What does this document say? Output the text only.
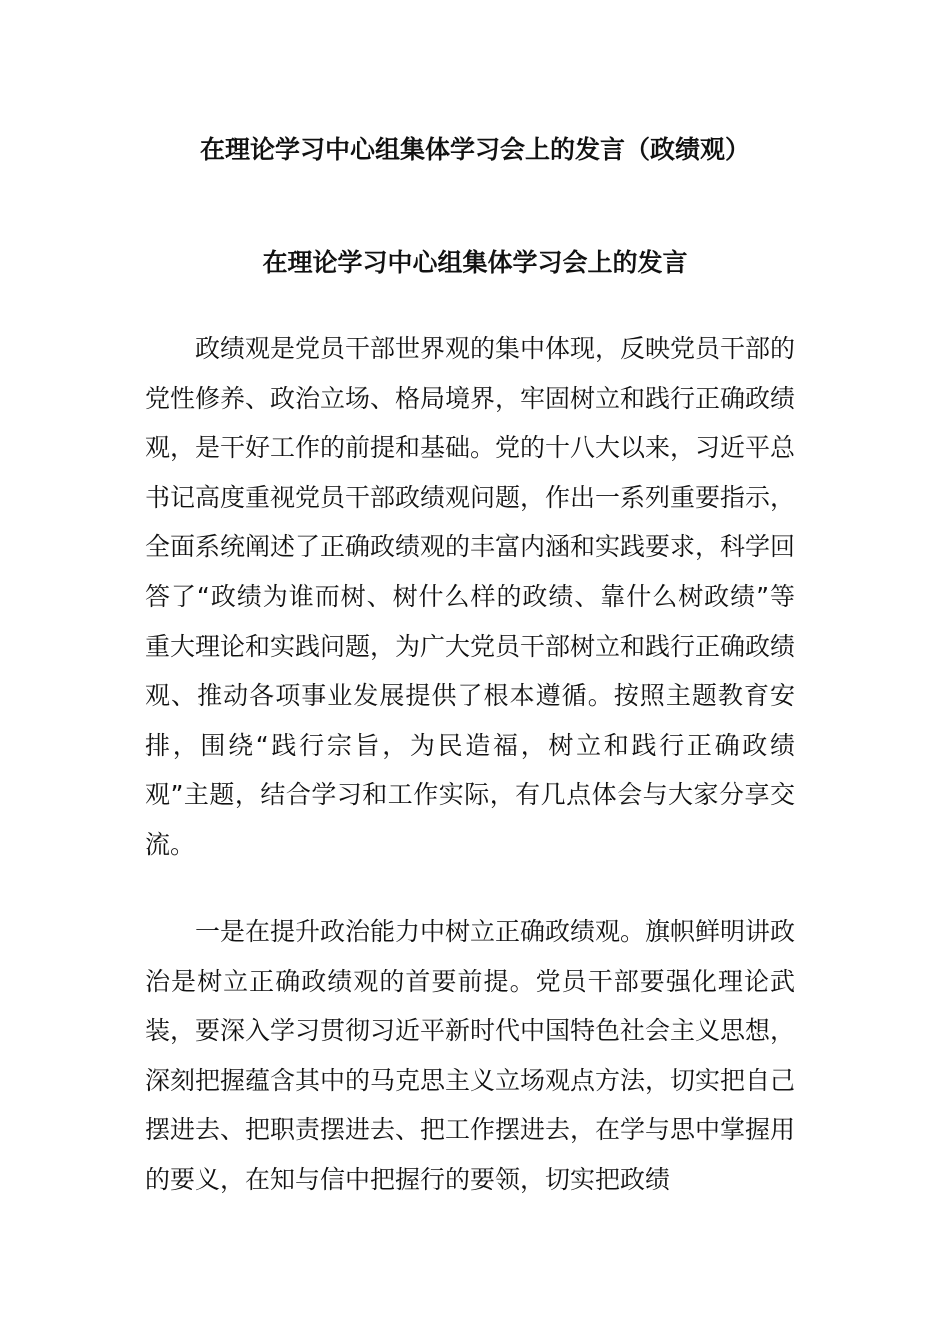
在理论学习中心组集体学习会上的发言（政绩观）
在理论学习中心组集体学习会上的发言

政绩观是党员干部世界观的集中体现，反映党员干部的党性修养、政治立场、格局境界，牢固树立和践行正确政绩观，是干好工作的前提和基础。党的十八大以来，习近平总书记高度重视党员干部政绩观问题，作出一系列重要指示，全面系统阐述了正确政绩观的丰富内涵和实践要求，科学回答了“政绩为谁而树、树什么样的政绩、靠什么树政绩”等重大理论和实践问题，为广大党员干部树立和践行正确政绩观、推动各项事业发展提供了根本遵循。按照主题教育安排，围绕“践行宗旨，为民造福，树立和践行正确政绩观”主题，结合学习和工作实际，有几点体会与大家分享交流。

一是在提升政治能力中树立正确政绩观。旗帜鲜明讲政治是树立正确政绩观的首要前提。党员干部要强化理论武装，要深入学习贯彻习近平新时代中国特色社会主义思想，深刻把握蕴含其中的马克思主义立场观点方法，切实把自己摆进去、把职责摆进去、把工作摆进去，在学与思中掌握用的要义，在知与信中把握行的要领，切实把政绩
